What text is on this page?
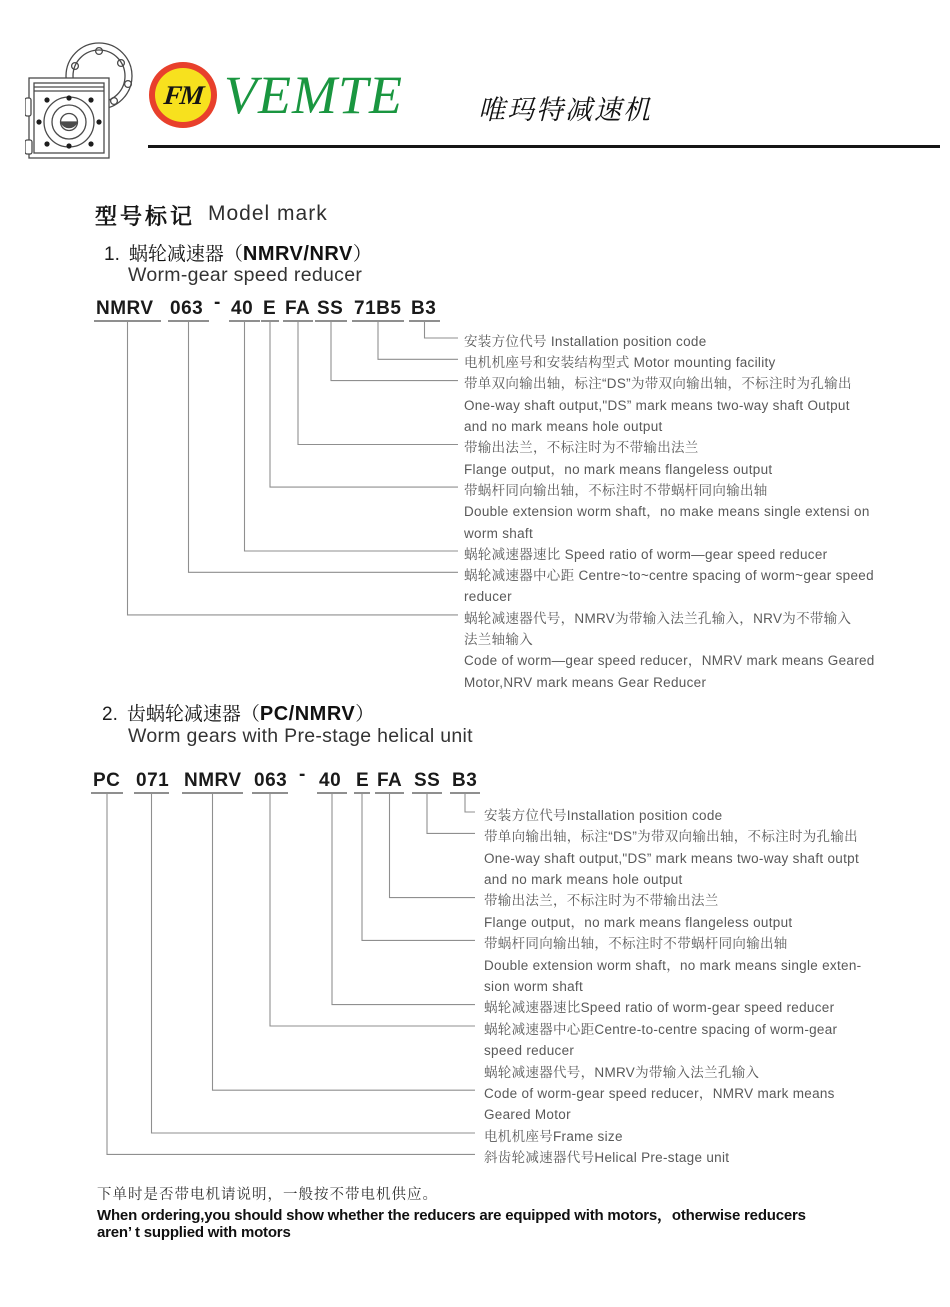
FM VEMTE	唯玛特减速机
型号标记 Model mark
1. 蜗轮减速器（NMRV/NRV）
Worm-gear speed reducer
2. 齿蜗轮减速器（PC/NMRV）
Worm gears with Pre-stage helical unit
NMRV 063 - 40 E FA SS 71B5 B3
安装方位代号 Installation position code
电机机座号和安装结构型式 Motor mounting facility
带单双向输出轴，标注“DS”为带双向输出轴，不标注时为孔输出
One-way shaft output,"DS” mark means two-way shaft Output
and no mark means hole output
带输出法兰，不标注时为不带输出法兰
Flange output，no mark means flangeless output
带蜗杆同向输出轴，不标注时不带蜗杆同向输出轴
Double extension worm shaft，no make means single extensi on
worm shaft
蜗轮减速器速比 Speed ratio of worm—gear speed reducer
蜗轮减速器中心距 Centre~to~centre spacing of worm~gear speed
reducer
蜗轮减速器代号，NMRV为带输入法兰孔输入，NRV为不带输入
法兰轴输入
Code of worm—gear speed reducer，NMRV mark means Geared
Motor,NRV mark means Gear Reducer
PC 071 NMRV 063 - 40 E FA SS B3
安装方位代号Installation position code
带单向输出轴，标注“DS”为带双向输出轴，不标注时为孔输出
One-way shaft output,"DS” mark means two-way shaft outpt
and no mark means hole output
带输出法兰，不标注时为不带输出法兰
Flange output，no mark means flangeless output
带蜗杆同向输出轴，不标注时不带蜗杆同向输出轴
Double extension worm shaft，no mark means single exten-
sion worm shaft
蜗轮减速器速比Speed ratio of worm-gear speed reducer
蜗轮减速器中心距Centre-to-centre spacing of worm-gear
speed reducer
蜗轮减速器代号，NMRV为带输入法兰孔输入
Code of worm-gear speed reducer，NMRV mark means
Geared Motor
电机机座号Frame size
斜齿轮减速器代号Helical Pre-stage unit
下单时是否带电机请说明，一般按不带电机供应。
When ordering,you should show whether the reducers are equipped with motors，otherwise reducers
aren’ t supplied with motors
